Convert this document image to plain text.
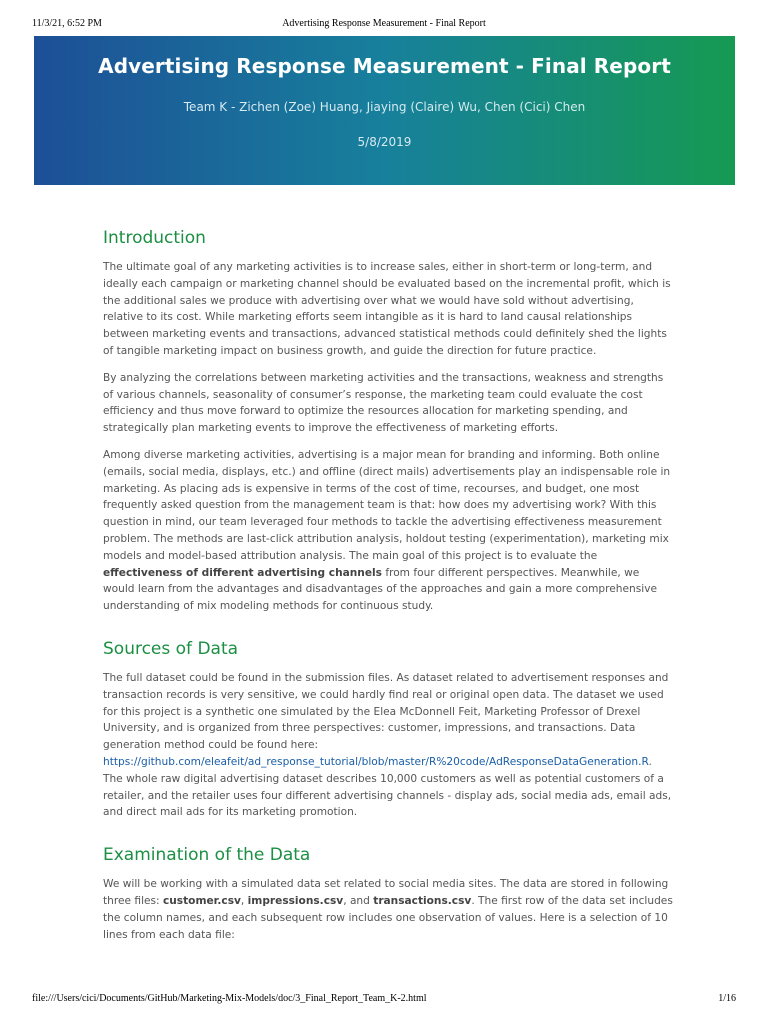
11/3/21, 6:52 PM	Advertising Response Measurement - Final Report
Advertising Response Measurement - Final Report
Team K - Zichen (Zoe) Huang, Jiaying (Claire) Wu, Chen (Cici) Chen
5/8/2019
Introduction

The ultimate goal of any marketing activities is to increase sales, either in short-term or long-term, and ideally each campaign or marketing channel should be evaluated based on the incremental profit, which is the additional sales we produce with advertising over what we would have sold without advertising, relative to its cost. While marketing efforts seem intangible as it is hard to land causal relationships between marketing events and transactions, advanced statistical methods could definitely shed the lights of tangible marketing impact on business growth, and guide the direction for future practice.

By analyzing the correlations between marketing activities and the transactions, weakness and strengths of various channels, seasonality of consumer’s response, the marketing team could evaluate the cost efficiency and thus move forward to optimize the resources allocation for marketing spending, and strategically plan marketing events to improve the effectiveness of marketing efforts.

Among diverse marketing activities, advertising is a major mean for branding and informing. Both online (emails, social media, displays, etc.) and offline (direct mails) advertisements play an indispensable role in marketing. As placing ads is expensive in terms of the cost of time, recourses, and budget, one most frequently asked question from the management team is that: how does my advertising work? With this question in mind, our team leveraged four methods to tackle the advertising effectiveness measurement problem. The methods are last-click attribution analysis, holdout testing (experimentation), marketing mix models and model-based attribution analysis. The main goal of this project is to evaluate the effectiveness of different advertising channels from four different perspectives. Meanwhile, we would learn from the advantages and disadvantages of the approaches and gain a more comprehensive understanding of mix modeling methods for continuous study.

Sources of Data

The full dataset could be found in the submission files. As dataset related to advertisement responses and transaction records is very sensitive, we could hardly find real or original open data. The dataset we used for this project is a synthetic one simulated by the Elea McDonnell Feit, Marketing Professor of Drexel University, and is organized from three perspectives: customer, impressions, and transactions. Data generation method could be found here: https://github.com/eleafeit/ad_response_tutorial/blob/master/R%20code/AdResponseDataGeneration.R. The whole raw digital advertising dataset describes 10,000 customers as well as potential customers of a retailer, and the retailer uses four different advertising channels - display ads, social media ads, email ads, and direct mail ads for its marketing promotion.

Examination of the Data

We will be working with a simulated data set related to social media sites. The data are stored in following three files: customer.csv, impressions.csv, and transactions.csv. The first row of the data set includes the column names, and each subsequent row includes one observation of values. Here is a selection of 10 lines from each data file:

file:///Users/cici/Documents/GitHub/Marketing-Mix-Models/doc/3_Final_Report_Team_K-2.html	1/16
